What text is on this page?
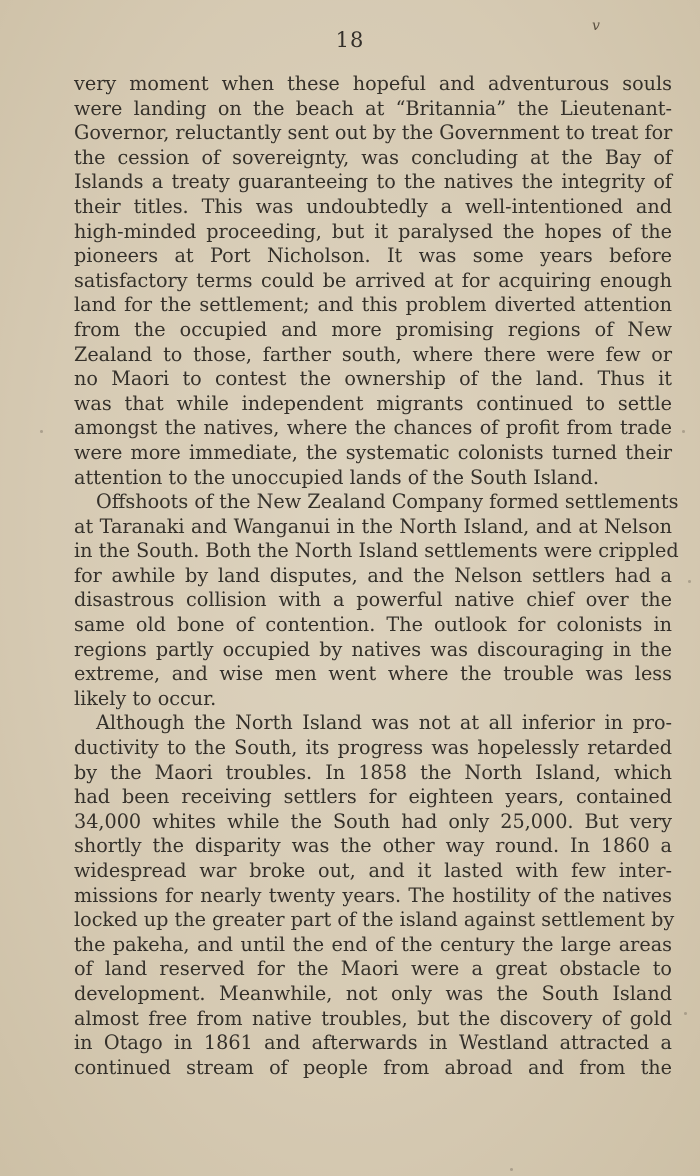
18
v
very moment when these hopeful and adventurous souls
were landing on the beach at “Britannia” the Lieutenant-
Governor, reluctantly sent out by the Government to treat for
the cession of sovereignty, was concluding at the Bay of
Islands a treaty guaranteeing to the natives the integrity of
their titles. This was undoubtedly a well-intentioned and
high-minded proceeding, but it paralysed the hopes of the
pioneers at Port Nicholson. It was some years before
satisfactory terms could be arrived at for acquiring enough
land for the settlement; and this problem diverted attention
from the occupied and more promising regions of New
Zealand to those, farther south, where there were few or
no Maori to contest the ownership of the land. Thus it
was that while independent migrants continued to settle
amongst the natives, where the chances of profit from trade
were more immediate, the systematic colonists turned their
attention to the unoccupied lands of the South Island.
Offshoots of the New Zealand Company formed settlements
at Taranaki and Wanganui in the North Island, and at Nelson
in the South. Both the North Island settlements were crippled
for awhile by land disputes, and the Nelson settlers had a
disastrous collision with a powerful native chief over the
same old bone of contention. The outlook for colonists in
regions partly occupied by natives was discouraging in the
extreme, and wise men went where the trouble was less
likely to occur.
Although the North Island was not at all inferior in pro-
ductivity to the South, its progress was hopelessly retarded
by the Maori troubles. In 1858 the North Island, which
had been receiving settlers for eighteen years, contained
34,000 whites while the South had only 25,000. But very
shortly the disparity was the other way round. In 1860 a
widespread war broke out, and it lasted with few inter-
missions for nearly twenty years. The hostility of the natives
locked up the greater part of the island against settlement by
the pakeha, and until the end of the century the large areas
of land reserved for the Maori were a great obstacle to
development. Meanwhile, not only was the South Island
almost free from native troubles, but the discovery of gold
in Otago in 1861 and afterwards in Westland attracted a
continued stream of people from abroad and from the
